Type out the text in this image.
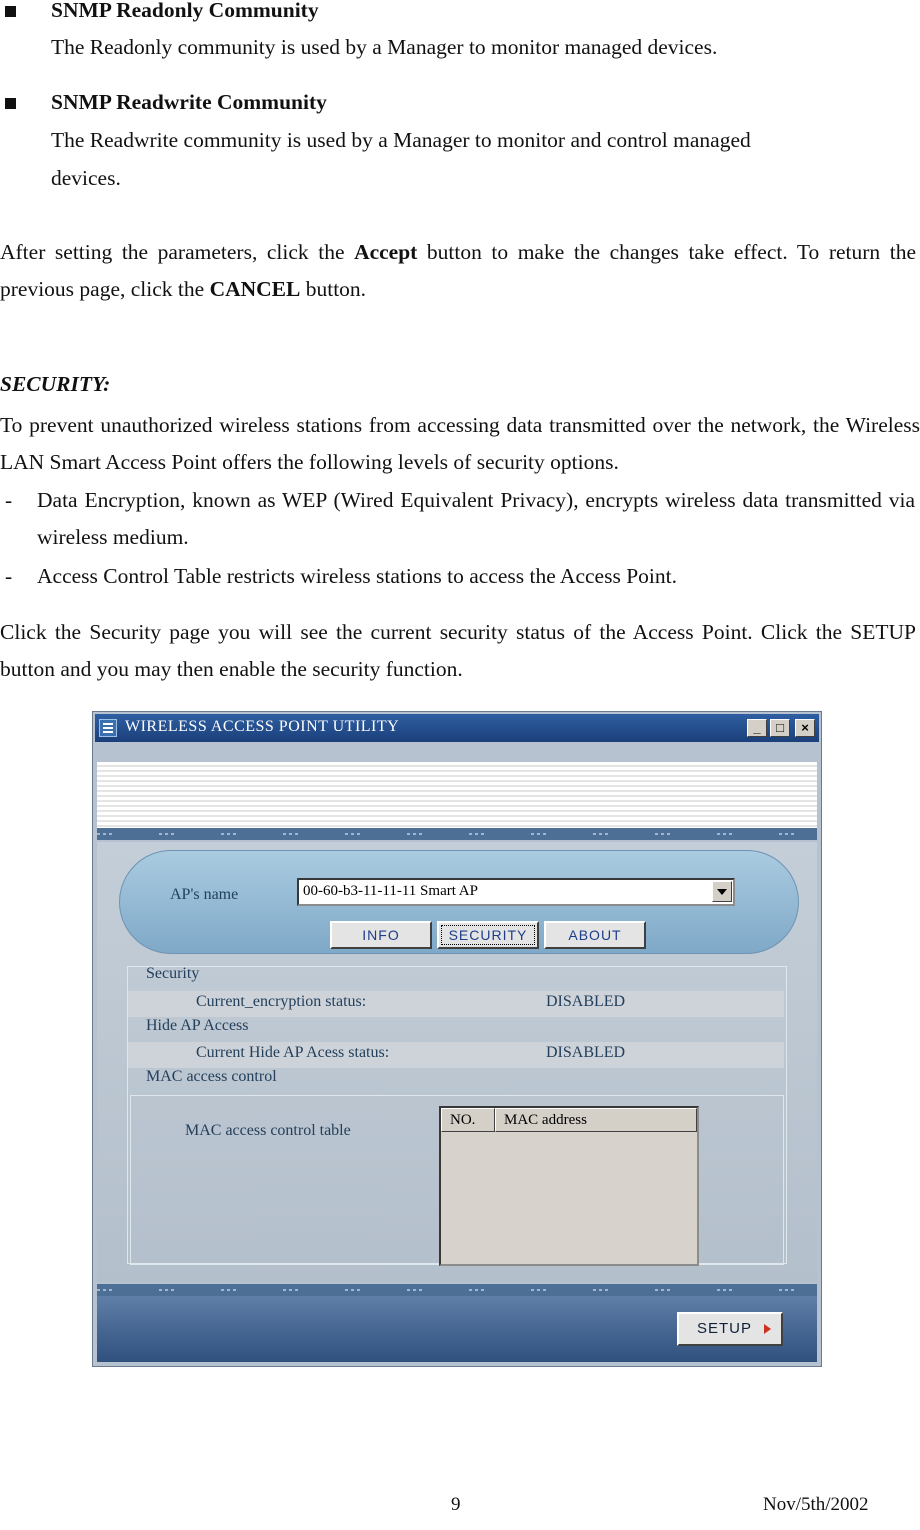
SNMP Readonly Community
The Readonly community is used by a Manager to monitor managed devices.
SNMP Readwrite Community
The Readwrite community is used by a Manager to monitor and control managed
devices.
After setting the parameters, click the Accept button to make the changes take effect. To return the previous page, click the CANCEL button.
SECURITY:
To prevent unauthorized wireless stations from accessing data transmitted over the network, the Wireless LAN Smart Access Point offers the following levels of security options.
- Data Encryption, known as WEP (Wired Equivalent Privacy), encrypts wireless data transmitted via wireless medium.
- Access Control Table restricts wireless stations to access the Access Point.
Click the Security page you will see the current security status of the Access Point. Click the SETUP button and you may then enable the security function.
WIRELESS ACCESS POINT UTILITY	_	□	×
AP's name	00-60-b3-11-11-11 Smart AP
INFO	SECURITY	ABOUT
Security
Current_encryption status:	DISABLED
Hide AP Access
Current Hide AP Acess status:	DISABLED
MAC access control
MAC access control table
NO.	MAC address
SETUP
9	Nov/5th/2002
